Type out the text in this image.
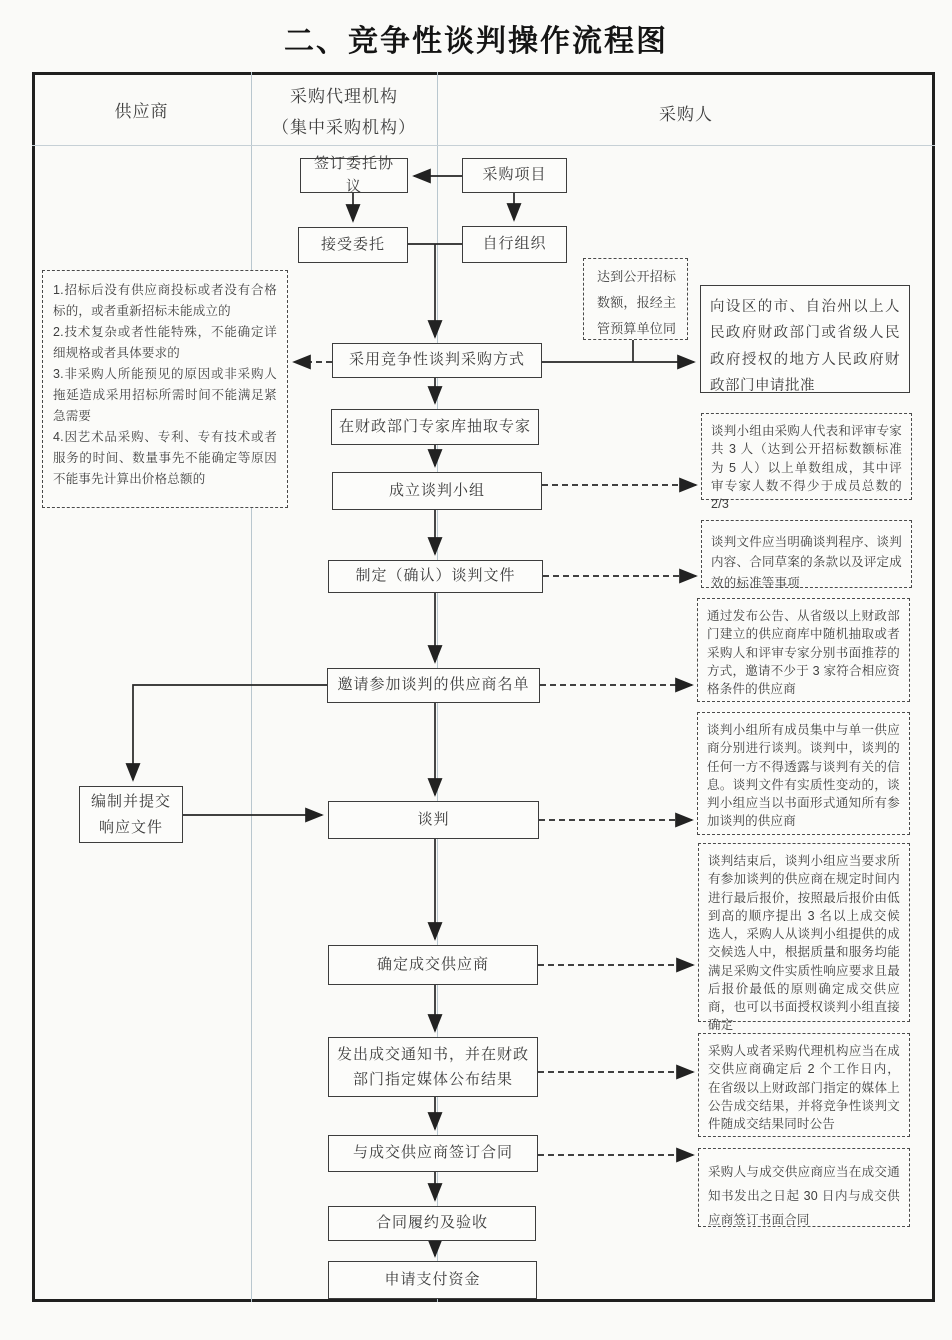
二、竞争性谈判操作流程图
供应商
采购代理机构
（集中采购机构）
采购人
签订委托协议
采购项目
接受委托	自行组织
采用竞争性谈判采购方式
在财政部门专家库抽取专家
成立谈判小组
制定（确认）谈判文件
邀请参加谈判的供应商名单
编制并提交
响应文件	谈判
确定成交供应商
发出成交通知书，并在财政部门指定媒体公布结果
与成交供应商签订合同
合同履约及验收
申请支付资金
向设区的市、自治州以上人民政府财政部门或省级人民政府授权的地方人民政府财政部门申请批准
达到公开招标
数额，报经主
管预算单位同
1.招标后没有供应商投标或者没有合格标的，或者重新招标未能成立的
2.技术复杂或者性能特殊，不能确定详细规格或者具体要求的
3.非采购人所能预见的原因或非采购人拖延造成采用招标所需时间不能满足紧急需要
4.因艺术品采购、专利、专有技术或者服务的时间、数量事先不能确定等原因不能事先计算出价格总额的
谈判小组由采购人代表和评审专家共 3 人（达到公开招标数额标准为 5 人）以上单数组成，其中评审专家人数不得少于成员总数的 2/3
谈判文件应当明确谈判程序、谈判内容、合同草案的条款以及评定成效的标准等事项
通过发布公告、从省级以上财政部门建立的供应商库中随机抽取或者采购人和评审专家分别书面推荐的方式，邀请不少于 3 家符合相应资格条件的供应商
谈判小组所有成员集中与单一供应商分别进行谈判。谈判中，谈判的任何一方不得透露与谈判有关的信息。谈判文件有实质性变动的，谈判小组应当以书面形式通知所有参加谈判的供应商
谈判结束后，谈判小组应当要求所有参加谈判的供应商在规定时间内进行最后报价，按照最后报价由低到高的顺序提出 3 名以上成交候选人，采购人从谈判小组提供的成交候选人中，根据质量和服务均能满足采购文件实质性响应要求且最后报价最低的原则确定成交供应商，也可以书面授权谈判小组直接确定
采购人或者采购代理机构应当在成交供应商确定后 2 个工作日内，在省级以上财政部门指定的媒体上公告成交结果，并将竞争性谈判文件随成交结果同时公告
采购人与成交供应商应当在成交通知书发出之日起 30 日内与成交供应商签订书面合同
